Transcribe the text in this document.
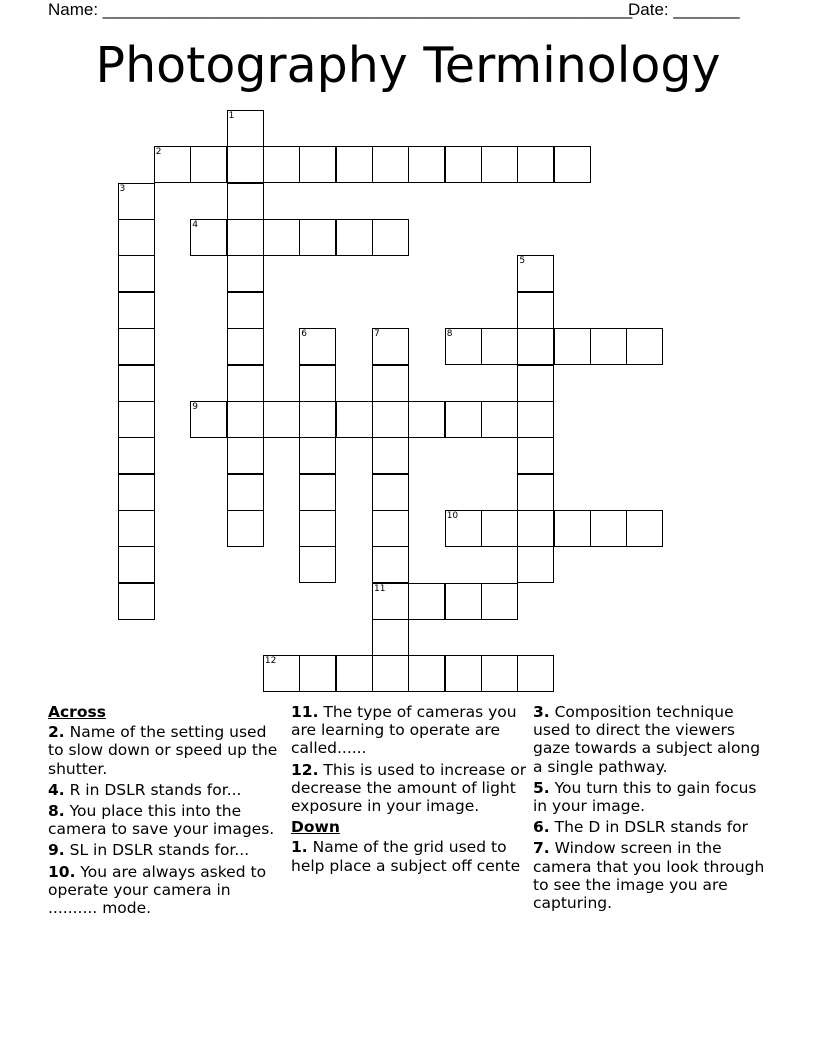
Name: ________________________________________________________
Date: _______
Photography Terminology
1
2
3
4
5
6	7	8
9
10
11
12
Across
2. Name of the setting used to slow down or speed up the shutter.
4. R in DSLR stands for...
8. You place this into the camera to save your images.
9. SL in DSLR stands for...
10. You are always asked to operate your camera in .......... mode.
11. The type of cameras you are learning to operate are called......
12. This is used to increase or decrease the amount of light exposure in your image.
Down
1. Name of the grid used to help place a subject off cente
3. Composition technique used to direct the viewers gaze towards a subject along a single pathway.
5. You turn this to gain focus in your image.
6. The D in DSLR stands for
7. Window screen in the camera that you look through to see the image you are capturing.
